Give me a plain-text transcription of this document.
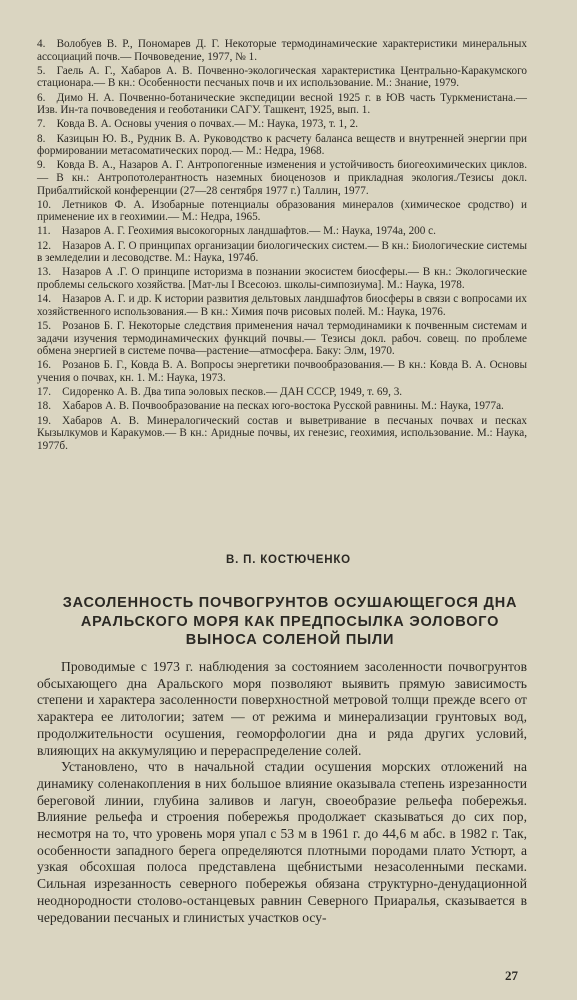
4.  Волобуев В. Р., Пономарев Д. Г. Некоторые термодинамические характеристики минеральных ассоциаций почв.— Почвоведение, 1977, № 1.
5.  Гаель А. Г., Хабаров А. В. Почвенно-экологическая характеристика Центрально-Каракумского стационара.— В кн.: Особенности песчаных почв и их использование. М.: Знание, 1979.
6.  Димо Н. А. Почвенно-ботанические экспедиции весной 1925 г. в ЮВ часть Туркменистана.— Изв. Ин-та почвоведения и геоботаники САГУ. Ташкент, 1925, вып. 1.
7.  Ковда В. А. Основы учения о почвах.— М.: Наука, 1973, т. 1, 2.
8.  Казицын Ю. В., Рудник В. А. Руководство к расчету баланса веществ и внутренней энергии при формировании метасоматических пород.— М.: Недра, 1968.
9.  Ковда В. А., Назаров А. Г. Антропогенные изменения и устойчивость биогеохимических циклов.— В кн.: Антропотолерантность наземных биоценозов и прикладная экология./Тезисы докл. Прибалтийской конференции (27—28 сентября 1977 г.) Таллин, 1977.
10.  Летников Ф. А. Изобарные потенциалы образования минералов (химическое сродство) и применение их в геохимии.— М.: Недра, 1965.
11.  Назаров А. Г. Геохимия высокогорных ландшафтов.— М.: Наука, 1974а, 200 с.
12.  Назаров А. Г. О принципах организации биологических систем.— В кн.: Биологические системы в земледелии и лесоводстве. М.: Наука, 1974б.
13.  Назаров А .Г. О принципе историзма в познании экосистем биосферы.— В кн.: Экологические проблемы сельского хозяйства. [Мат-лы I Всесоюз. школы-симпозиума]. М.: Наука, 1978.
14.  Назаров А. Г. и др. К истории развития дельтовых ландшафтов биосферы в связи с вопросами их хозяйственного использования.— В кн.: Химия почв рисовых полей. М.: Наука, 1976.
15.  Розанов Б. Г. Некоторые следствия применения начал термодинамики к почвенным системам и задачи изучения термодинамических функций почвы.— Тезисы докл. рабоч. совещ. по проблеме обмена энергией в системе почва—растение—атмосфера. Баку: Элм, 1970.
16.  Розанов Б. Г., Ковда В. А. Вопросы энергетики почвообразования.— В кн.: Ковда В. А. Основы учения о почвах, кн. 1. М.: Наука, 1973.
17.  Сидоренко А. В. Два типа эоловых песков.— ДАН СССР, 1949, т. 69, 3.
18.  Хабаров А. В. Почвообразование на песках юго-востока Русской равнины. М.: Наука, 1977а.
19.  Хабаров А. В. Минералогический состав и выветривание в песчаных почвах и песках Кызылкумов и Каракумов.— В кн.: Аридные почвы, их генезис, геохимия, использование. М.: Наука, 1977б.
В. П. КОСТЮЧЕНКО
ЗАСОЛЕННОСТЬ ПОЧВОГРУНТОВ ОСУШАЮЩЕГОСЯ ДНА АРАЛЬСКОГО МОРЯ КАК ПРЕДПОСЫЛКА ЭОЛОВОГО ВЫНОСА СОЛЕНОЙ ПЫЛИ

Проводимые с 1973 г. наблюдения за состоянием засоленности почвогрунтов обсыхающего дна Аральского моря позволяют выявить прямую зависимость степени и характера засоленности поверхностной метровой толщи прежде всего от характера ее литологии; затем — от режима и минерализации грунтовых вод, продолжительности осушения, геоморфологии дна и ряда других условий, влияющих на аккумуляцию и перераспределение солей.

Установлено, что в начальной стадии осушения морских отложений на динамику соленакопления в них большое влияние оказывала степень изрезанности береговой линии, глубина заливов и лагун, своеобразие рельефа побережья. Влияние рельефа и строения побережья продолжает сказываться до сих пор, несмотря на то, что уровень моря упал с 53 м в 1961 г. до 44,6 м абс. в 1982 г. Так, особенности западного берега определяются плотными породами плато Устюрт, а узкая обсохшая полоса представлена щебнистыми незасоленными песками. Сильная изрезанность северного побережья обязана структурно-денудационной неоднородности столово-останцевых равнин Северного Приаралья, сказывается в чередовании песчаных и глинистых участков осу-

27
